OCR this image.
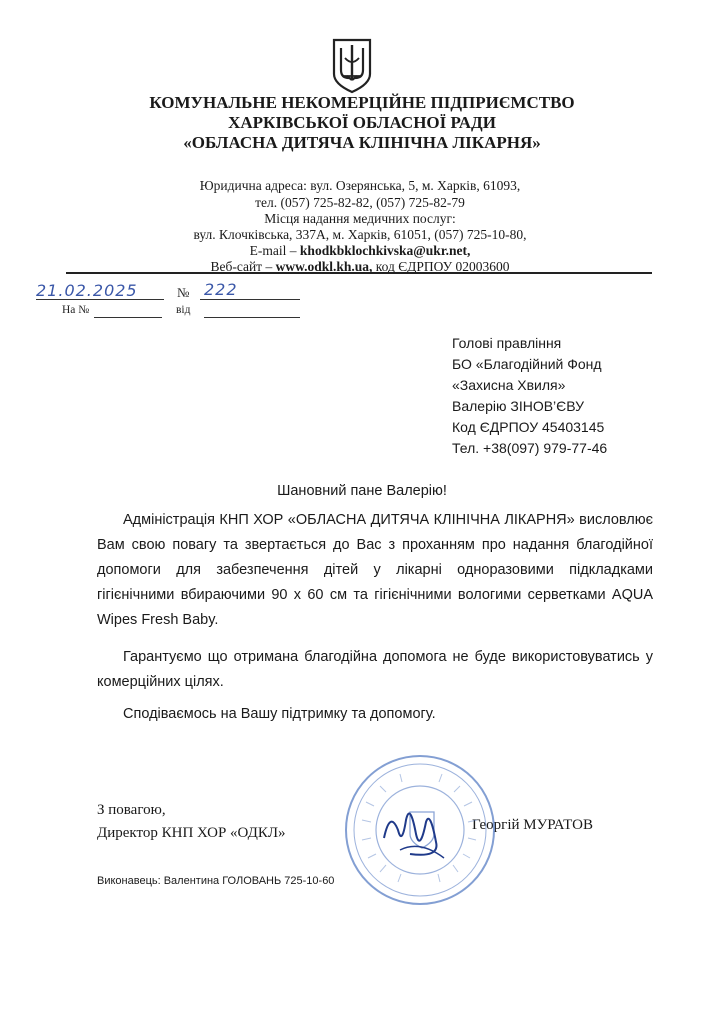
КОМУНАЛЬНЕ НЕКОМЕРЦІЙНЕ ПІДПРИЄМСТВО
ХАРКІВСЬКОЇ ОБЛАСНОЇ РАДИ
«ОБЛАСНА ДИТЯЧА КЛІНІЧНА ЛІКАРНЯ»
Юридична адреса: вул. Озерянська, 5, м. Харків, 61093,
тел. (057) 725-82-82, (057) 725-82-79
Місця надання медичних послуг:
вул. Клочківська, 337А, м. Харків, 61051, (057) 725-10-80,
E-mail – khodkbklochkivska@ukr.net,
Веб-сайт – www.odkl.kh.ua, код ЄДРПОУ 02003600
21.02.2025	№ 222
На №	від
Голові правління
БО «Благодійний Фонд
«Захисна Хвиля»
Валерію ЗІНОВ’ЄВУ
Код ЄДРПОУ 45403145
Тел. +38(097) 979-77-46
Шановний пане Валерію!
Адміністрація КНП ХОР «ОБЛАСНА ДИТЯЧА КЛІНІЧНА ЛІКАРНЯ» висловлює Вам свою повагу та звертається до Вас з проханням про надання благодійної допомоги для забезпечення дітей у лікарні одноразовими підкладками гігієнічними вбираючими 90 х 60 см та гігієнічними вологими серветками AQUA Wipes Fresh Baby.
Гарантуємо що отримана благодійна допомога не буде використовуватись у комерційних цілях.
Сподіваємось на Вашу підтримку та допомогу.
З повагою,
Директор КНП ХОР «ОДКЛ»	Георгій МУРАТОВ
Виконавець: Валентина ГОЛОВАНЬ 725-10-60
